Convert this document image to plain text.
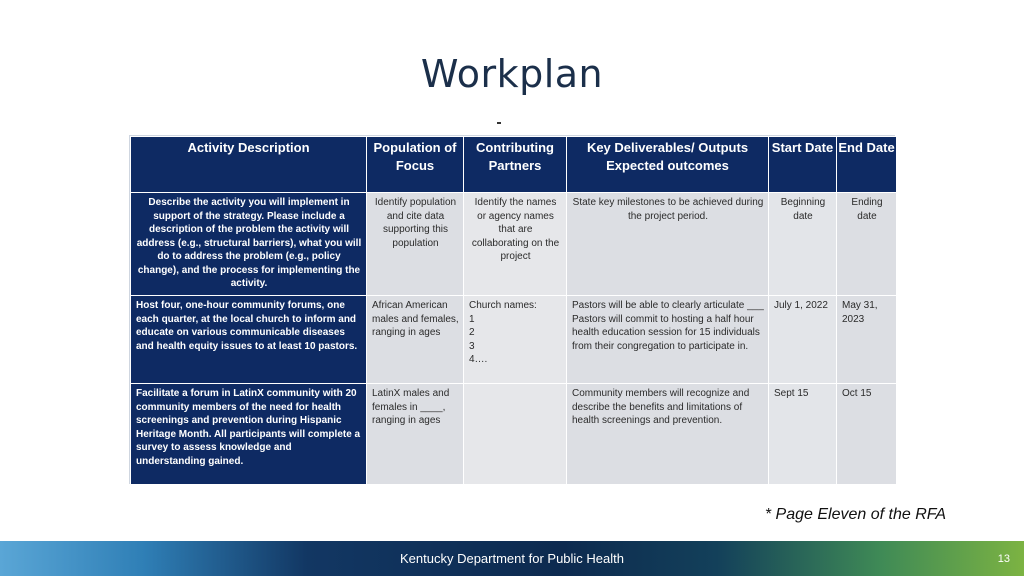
Workplan
Activity Description	Population of Focus	Contributing Partners	Key Deliverables/ Outputs Expected outcomes	Start Date	End Date

Describe the activity you will implement in support of the strategy. Please include a description of the problem the activity will address (e.g., structural barriers), what you will do to address the problem (e.g., policy change), and the process for implementing the activity.	Identify population and cite data supporting this population	Identify the names or agency names that are collaborating on the project	State key milestones to be achieved during the project period.	Beginning date	Ending date

Host four, one-hour community forums, one each quarter, at the local church to inform and educate on various communicable diseases and health equity issues to at least 10 pastors.	African American males and females, ranging in ages	Church names:
1
2
3
4….	Pastors will be able to clearly articulate ___
Pastors will commit to hosting a half hour health education session for 15 individuals from their congregation to participate in.	July 1, 2022	May 31, 2023

Facilitate a forum in LatinX community with 20 community members of the need for health screenings and prevention during Hispanic Heritage Month. All participants will complete a survey to assess knowledge and understanding gained.	LatinX males and females in ____, ranging in ages		Community members will recognize and describe the benefits and limitations of health screenings and prevention.	Sept 15	Oct 15
* Page Eleven of the RFA
Kentucky Department for Public Health	13
